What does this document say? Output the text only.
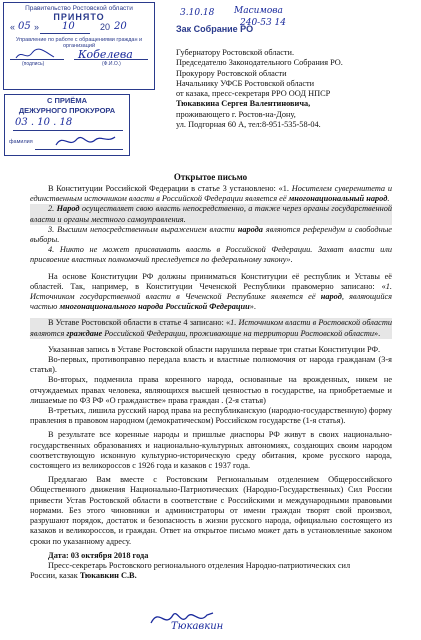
Правительство Ростовской области
ПРИНЯТО
« 05 » 10	20 20
Управление по работе с обращениями граждан и организаций
Кобелева
(подпись)	(Ф.И.О.)
С ПРИЁМА
ДЕЖУРНОГО ПРОКУРОРА
03 . 10 . 18
фамилия
3.10.18 Масимова
240-53 14
Зак Собрание РО

Губернатору Ростовской области.

Председателю Законодательного Собрания РО.

Прокурору Ростовской области

Начальнику УФСБ Ростовской области

от казака, пресс-секретаря РРО ООД НПСР

Тюкавкина Сергея Валентиновича,

проживающего г. Ростов-на-Дону,

ул. Подгорная 60 А, тел:8-951-535-58-04.

Открытое письмо

В Конституции Российской Федерации в статье 3 установлено: «1. Носителем суверенитета и единственным источником власти в Российской Федерации является её многонациональный народ.

2. Народ осуществляет свою власть непосредственно, а также через органы государственной власти и органы местного самоуправления.

3. Высшим непосредственным выражением власти народа являются референдум и свободные выборы.

4. Никто не может присваивать власть в Российской Федерации. Захват власти или присвоение властных полномочий преследуется по федеральному закону».

На основе Конституции РФ должны приниматься Конституции её республик и Уставы её областей. Так, например, в Конституции Чеченской Республики правомерно записано: «1. Источником государственной власти в Чеченской Республике является её народ, являющийся частью многонационального народа Российской Федерации».

В Уставе Ростовской области в статье 4 записано: «1. Источником власти в Ростовской области являются граждане Российской Федерации, проживающие на территории Ростовской области».

Указанная запись в Уставе Ростовской области нарушила первые три статьи Конституции РФ.

Во-первых, противоправно передала власть и властные полномочия от народа гражданам (3-я статья).

Во-вторых, подменила права коренного народа, основанные на врожденных, никем не отчуждаемых правах человека, являющихся высшей ценностью в государстве, на приобретаемые и лишаемые по ФЗ РФ «О гражданстве» права граждан . (2-я статья)

В-третьих, лишила русский народ права на республиканскую (народно-государственную) форму правления в правовом народном (демократическом) Российском государстве (1-я статья).

В результате все коренные народы и пришлые диаспоры РФ живут в своих национально-государственных образованиях и национально-культурных автономиях, создающих своим народом соответствующую исконную культурно-историческую среду обитания, кроме русского народа, состоящего из великороссов с 1926 года и казаков с 1937 года.

Предлагаю Вам вместе с Ростовским Региональным отделением Общероссийского Общественного движения Национально-Патриотических (Народно-Государственных) Сил России привести Устав Ростовской области в соответствие с Российскими и международными правовыми нормами. Без этого чиновники и администраторы от имени граждан творят свой произвол, разрушают порядок, достаток и безопасность в жизни русского народа, официально состоящего из казаков и великороссов, и граждан. Ответ на открытое письмо может дать в установленные законом сроки по указанному адресу.

Дата: 03 октября 2018 года

Пресс-секретарь Ростовского регионального отделения Народно-патриотических сил

России, казак Тюкавкин С.В.

Тюкавкин
